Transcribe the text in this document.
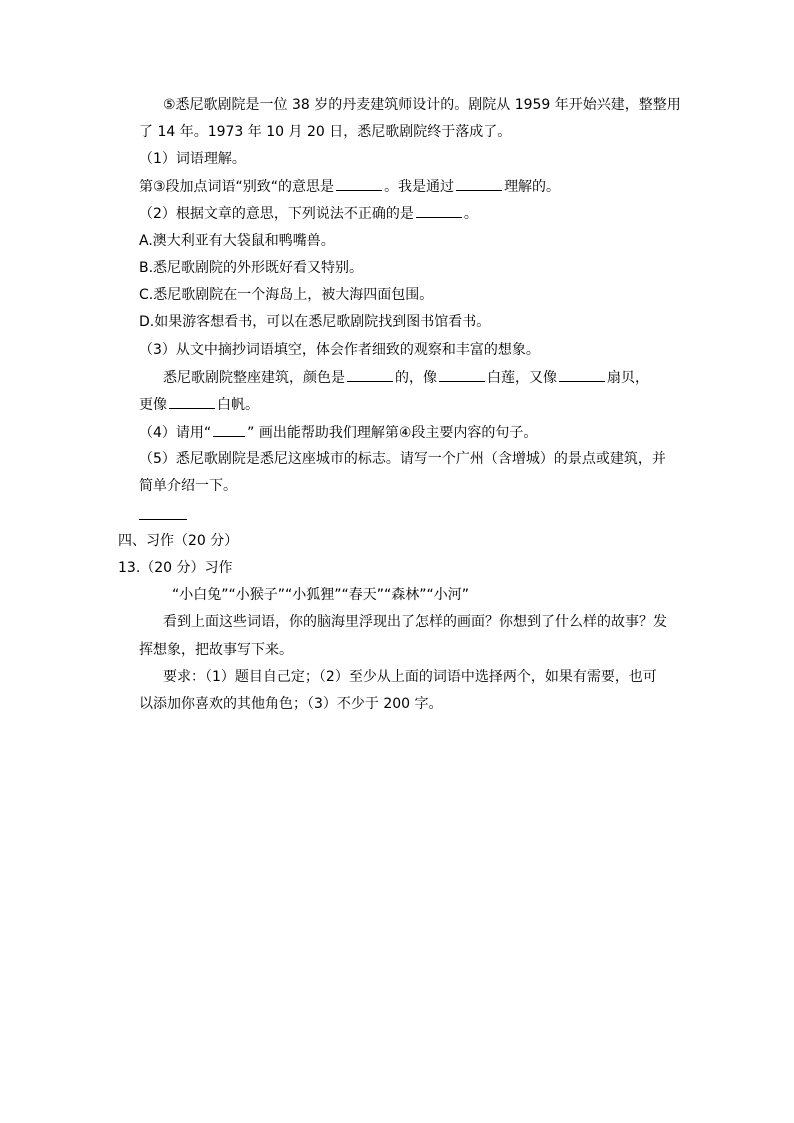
⑤悉尼歌剧院是一位 38 岁的丹麦建筑师设计的。剧院从 1959 年开始兴建，整整用
了 14 年。1973 年 10 月 20 日，悉尼歌剧院终于落成了。
（1）词语理解。
第③段加点词语“别致“的意思是	。我是通过	理解的。
（2）根据文章的意思，下列说法不正确的是	。
A.澳大利亚有大袋鼠和鸭嘴兽。
B.悉尼歌剧院的外形既好看又特别。
C.悉尼歌剧院在一个海岛上，被大海四面包围。
D.如果游客想看书，可以在悉尼歌剧院找到图书馆看书。
（3）从文中摘抄词语填空，体会作者细致的观察和丰富的想象。
悉尼歌剧院整座建筑，颜色是	的，像	白莲，又像	扇贝，
更像	白帆。
（4）请用“	” 画出能帮助我们理解第④段主要内容的句子。
（5）悉尼歌剧院是悉尼这座城市的标志。请写一个广州（含增城）的景点或建筑，并
简单介绍一下。
四、习作（20 分）
13.（20 分）习作
“小白兔”“小猴子”“小狐狸”“春天”“森林”“小河”
看到上面这些词语，你的脑海里浮现出了怎样的画面？你想到了什么样的故事？发
挥想象，把故事写下来。
要求：（1）题目自己定；（2）至少从上面的词语中选择两个，如果有需要，也可
以添加你喜欢的其他角色；（3）不少于 200 字。
